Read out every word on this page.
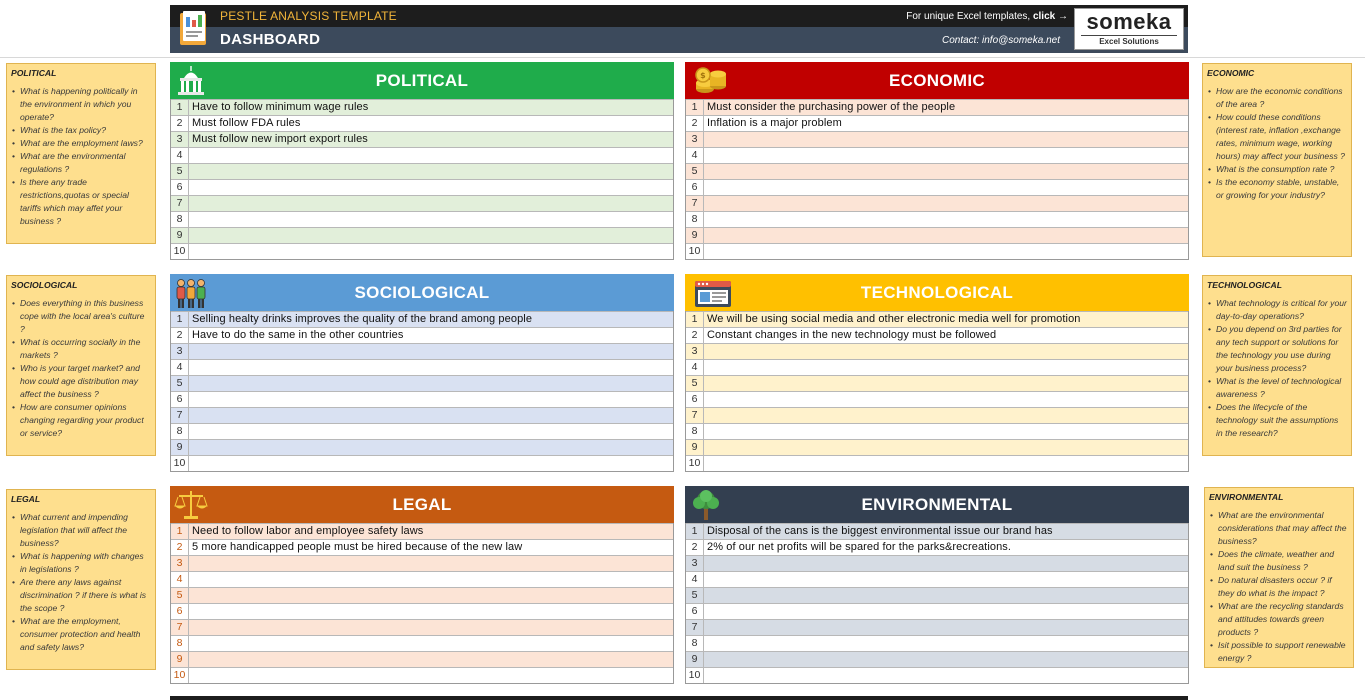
PESTLE ANALYSIS TEMPLATE
DASHBOARD
For unique Excel templates, click →
Contact: info@someka.net
someka
Excel Solutions
POLITICAL
• What is happening politically in the environment in which you operate?
• What is the tax policy?
• What are the employment laws?
• What are the environmental regulations ?
• Is there any trade restrictions,quotas or special tariffs which may affet your business ?
ECONOMIC
• How are the economic conditions of the area ?
• How could these conditions (interest rate, inflation ,exchange rates, minimum wage, working hours) may affect your business ?
• What is the consumption rate ?
• Is the economy stable, unstable, or growing for your industry?
SOCIOLOGICAL
• Does everything in this business cope with the local area's culture ?
• What is occurring socially in the markets ?
• Who is your target market? and how could age distribution may affect the business ?
• How are consumer opinions changing regarding your product or service?
TECHNOLOGICAL
• What technology is critical for your day-to-day operations?
• Do you depend on 3rd parties for any tech support or solutions for the technology you use during your business process?
• What is the level of technological awareness ?
• Does the lifecycle of the technology suit the assumptions in the research?
LEGAL
• What current and impending legislation that will affect the business?
• What is happening with changes in legislations ?
• Are there any laws against discrimination ? if there is what is the scope ?
• What are the employment, consumer protection and health and safety laws?
ENVIRONMENTAL
• What are the environmental considerations that may affect the business?
• Does the climate, weather and land suit the business ?
• Do natural disasters occur ? if they do what is the impact ?
• What are the recycling standards and attitudes towards green products ?
• Isit possible to support renewable energy ?
POLITICAL
1 Have to follow minimum wage rules
2 Must follow FDA rules
3 Must follow new import export rules
4
5
6
7
8
9
10
$	ECONOMIC
1 Must consider the purchasing power of the people
2 Inflation is a major problem
3
4
5
6
7
8
9
10
SOCIOLOGICAL
1 Selling healty drinks improves the quality of the brand among people
2 Have to do the same in the other countries
3
4
5
6
7
8
9
10
TECHNOLOGICAL
1 We will be using social media and other electronic media well for promotion
2 Constant changes in the new technology must be followed
3
4
5
6
7
8
9
10
LEGAL
1 Need to follow labor and employee safety laws
2 5 more handicapped people must be hired because of the new law
3
4
5
6
7
8
9
10
ENVIRONMENTAL
1 Disposal of the cans is the biggest environmental issue our brand has
2 2% of our net profits will be spared for the parks&recreations.
3
4
5
6
7
8
9
10
